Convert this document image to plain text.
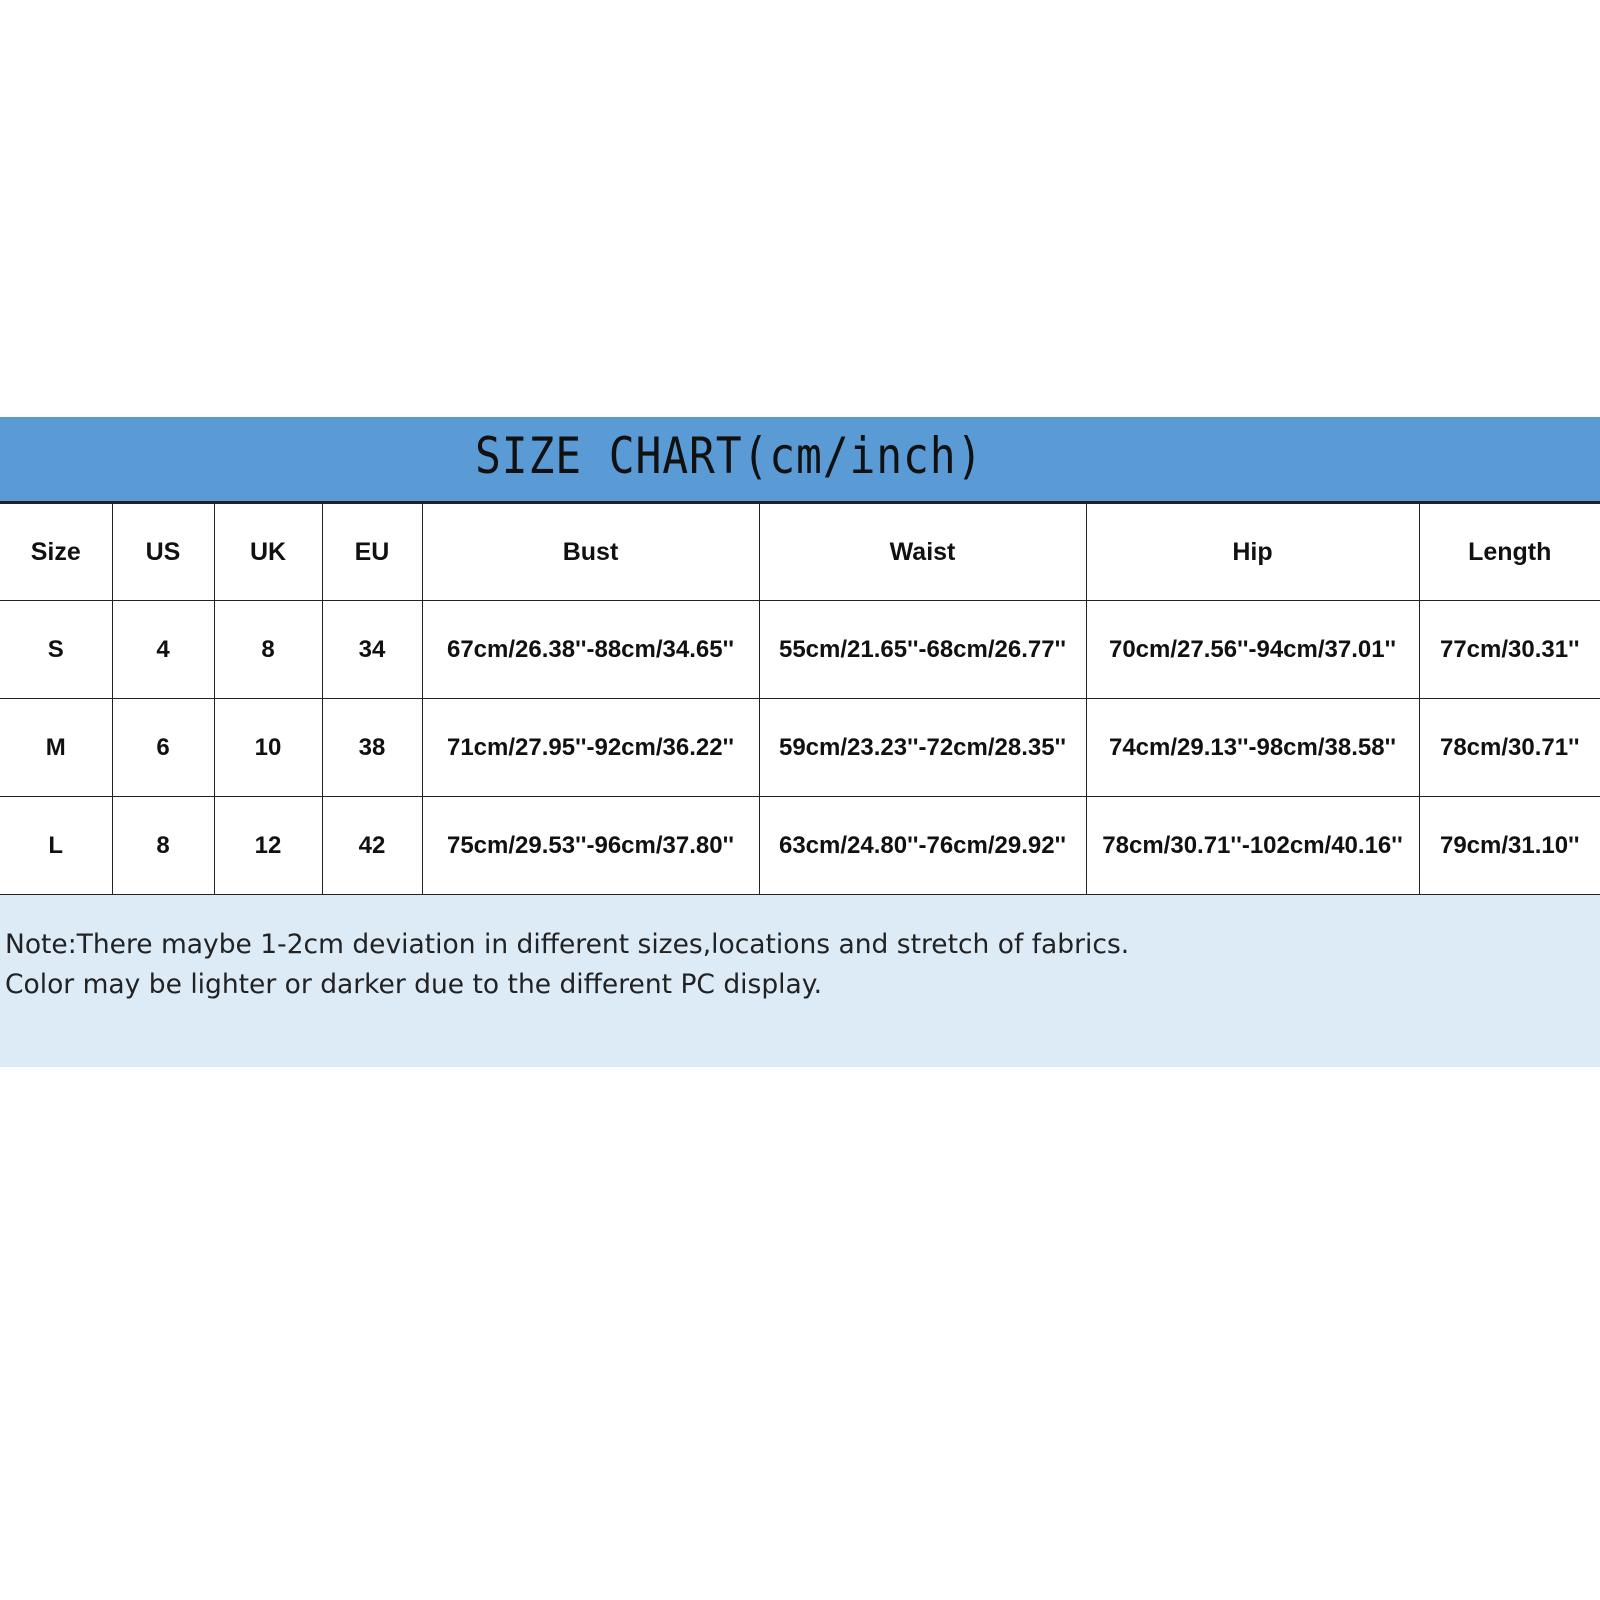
SIZE CHART(cm/inch)
Size	US	UK	EU	Bust	Waist	Hip	Length
S	4	8	34	67cm/26.38''-88cm/34.65''	55cm/21.65''-68cm/26.77''	70cm/27.56''-94cm/37.01''	77cm/30.31''
M	6	10	38	71cm/27.95''-92cm/36.22''	59cm/23.23''-72cm/28.35''	74cm/29.13''-98cm/38.58''	78cm/30.71''
L	8	12	42	75cm/29.53''-96cm/37.80''	63cm/24.80''-76cm/29.92''	78cm/30.71''-102cm/40.16''	79cm/31.10''
Note:There maybe 1-2cm deviation in different sizes,locations and stretch of fabrics.
Color may be lighter or darker due to the different PC display.
